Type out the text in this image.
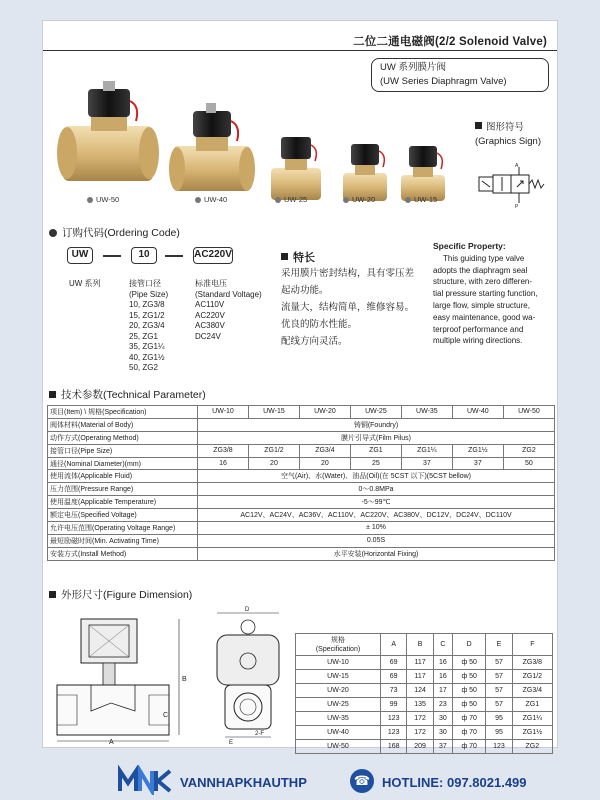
二位二通电磁阀(2/2 Solenoid Valve)
UW 系列膜片阀
(UW Series Diaphragm Valve)
UW-50	UW-40	UW-25	UW-20	UW-15
图形符号
(Graphics Sign)
A
P
订购代码(Ordering Code)
UW	10	AC220V
UW 系列	接管口径
(Pipe Size)
10, ZG3/8
15, ZG1/2
20, ZG3/4
25, ZG1
35, ZG1¼
40, ZG1½
50, ZG2
标准电压
(Standard Voltage)
AC110V
AC220V
AC380V
DC24V
特长
采用膜片密封结构，具有零压差
起动功能。
流量大，结构简单，维修容易。
优良的防水性能。
配线方向灵活。
Specific Property:
This guiding type valve
adopts the diaphragm seal
structure, with zero differen-
tial pressure starting function,
large flow, simple structure,
easy maintenance, good wa-
terproof performance and
multiple wiring directions.
技术参数(Technical Parameter)
项目(Item) \ 规格(Specification)	UW-10	UW-15	UW-20	UW-25	UW-35	UW-40	UW-50
阀体材料(Material of Body)	铸铜(Foundry)						
动作方式(Operating Method)	膜片引导式(Film Pilus)						
接管口径(Pipe Size)	ZG3/8	ZG1/2	ZG3/4	ZG1	ZG1¼	ZG1½	ZG2
通径(Nominal Diameter)(mm)	16	20	20	25	37	37	50
使用流体(Applicable Fluid)	空气(Air)、水(Water)、油品(Oil)(在 5CST 以下)(5CST bellow)						
压力范围(Pressure Range)	0～0.8MPa						
使用温度(Applicable Temperature)	-5～99℃						
额定电压(Specified Voltage)	AC12V、AC24V、AC36V、AC110V、AC220V、AC380V、DC12V、DC24V、DC110V						
允许电压范围(Operating Voltage Range)	± 10%						
最短励磁时间(Min. Activating Time)	0.05S						
安装方式(Install Method)	水平安装(Horizontal Fixing)						
外形尺寸(Figure Dimension)
A
B
C
D
E
2-F
规格
(Specification)	A	B	C	D	E	F
UW-10	69	117	16	ф 50	57	ZG3/8
UW-15	69	117	16	ф 50	57	ZG1/2
UW-20	73	124	17	ф 50	57	ZG3/4
UW-25	99	135	23	ф 50	57	ZG1
UW-35	123	172	30	ф 70	95	ZG1¼
UW-40	123	172	30	ф 70	95	ZG1½
UW-50	168	209	37	ф 70	123	ZG2
VANNHAPKHAUTHP	☎ HOTLINE: 097.8021.499
